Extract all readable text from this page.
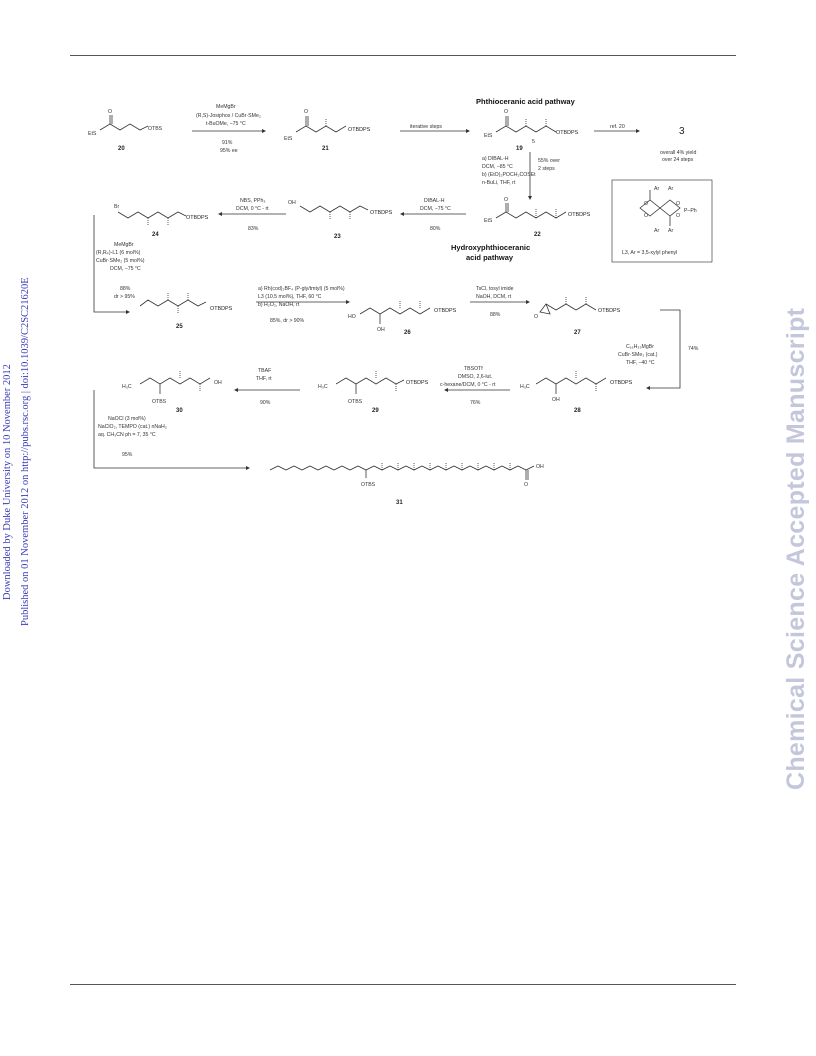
Downloaded by Duke University on 10 November 2012 Published on 01 November 2012 on http://pubs.rsc.org | doi:10.1039/C2SC21620E	Chemical Science Accepted Manuscript
O
EtS
OTBS
20
MeMgBr
(R,S)-Josiphos / CuBr·SMe₂
t-BuOMe, −75 °C
91%
95% ee
O
EtS
OTBDPS
21
iterative steps
Phthioceranic acid pathway
O
EtS
5
OTBDPS
19
ref. 20	3
overall 4% yield
over 24 steps
a) DIBAL-H
DCM, −85 °C
b) (EtO)₂POCH₂COSEt
n-BuLi, THF, rt
55% over
2 steps
Ar Ar
Ar Ar
O
O
O
O
P–Ph
L3, Ar = 3,5-xylyl phenyl
O
EtS
OTBDPS
22
Hydroxyphthioceranic
acid pathway
DIBAL-H
DCM, −75 °C
80%
OH
OTBDPS
23
NBS, PPh₃
DCM, 0 °C - rt
83%
Br
OTBDPS
24
MeMgBr
(R,Rₚ)-L1 (6 mol%)
CuBr·SMe₂ (5 mol%)
DCM, −75 °C
88%
dr > 95%
OTBDPS
25
a) Rh(cod)₂BF₄ (P-gly/tmtyl) (5 mol%)
L3 (10.5 mol%), THF, 60 °C
b) H₂O₂, NaOH, rt
85%, dr > 90%
HO
OH
OTBDPS
26
TsCl, tosyl imide
NaOH, DCM, rt
88%	O
OTBDPS
27
C₁₆H₃₃MgBr
CuBr·SMe₂ (cat.)
THF, −40 °C
74%
H₃C
OH
OTBDPS
28
TBSOTf
DMSO, 2,6-lut.
c-hexane/DCM, 0 °C - rt
76%
H₃C
OTBS
OTBDPS
29
TBAF
THF, rt
90%
H₃C
OTBS
OH
30
NaOCl (3 mol%)
NaClO₂, TEMPO (cat.) nNaH₂
aq. CH₃CN ph = 7, 35 °C
95%
OTBS
OH
O
31
